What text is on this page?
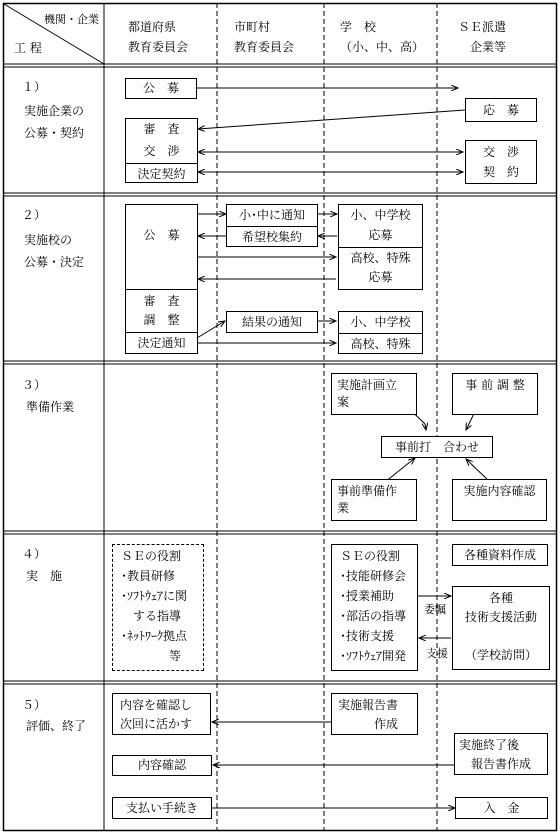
機関・企業
工 程
都道府県
教育委員会
市町村
教育委員会
学　校
（小、中、高）
ＳＥ派遣
企業等
１）
実施企業の
公募・契約
公　募

審　査

交　渉

決定契約

応　募

交　渉

契　約

２）
実施校の
公募・決定

公　募

審　査

調　整

決定通知

小･中に通知

希望校集約

結果の通知

小、中学校

応募

高校、特殊

応募

小、中学校

高校、特殊

３）
準備作業
実施計画立
案
事 前 調 整
事前打　合わせ
事前準備作
業
実施内容確認
４）
実　施
ＳＥの役割
･教員研修
･ｿﾌﾄｳｪｱに関
　する指導
･ﾈｯﾄﾜｰｸ拠点
　　　　等
ＳＥの役割
･技能研修会
･授業補助
･部活の指導
･技術支援
･ｿﾌﾄｳｪｱ開発
委嘱
支援
各種資料作成
各種
技術支援活動

（学校訪問）
５）
評価、終了
内容を確認し
次回に活かす
実施報告書
　　　作成
実施終了後
　報告書作成
内容確認
支払い手続き	入　金
